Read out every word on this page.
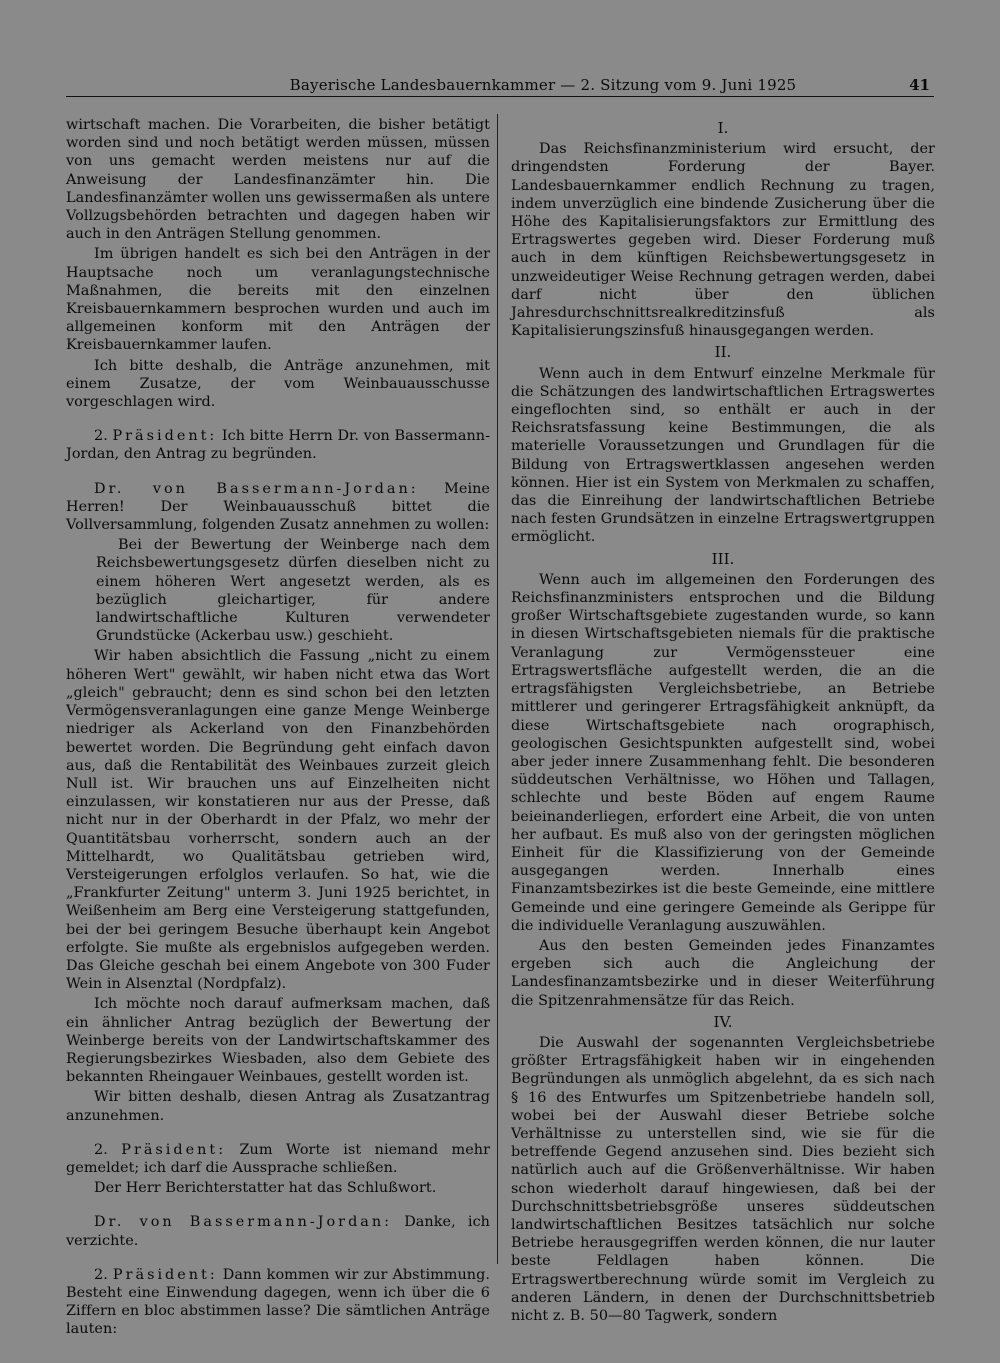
Bayerische Landesbauernkammer — 2. Sitzung vom 9. Juni 1925	41

wirtschaft machen. Die Vorarbeiten, die bisher betätigt worden sind und noch betätigt werden müssen, müssen von uns gemacht werden meistens nur auf die Anweisung der Landesfinanzämter hin. Die Landesfinanzämter wollen uns gewissermaßen als untere Vollzugsbehörden betrachten und dagegen haben wir auch in den Anträgen Stellung genommen.

Im übrigen handelt es sich bei den Anträgen in der Hauptsache noch um veranlagungstechnische Maßnahmen, die bereits mit den einzelnen Kreisbauernkammern besprochen wurden und auch im allgemeinen konform mit den Anträgen der Kreisbauernkammer laufen.

Ich bitte deshalb, die Anträge anzunehmen, mit einem Zusatze, der vom Weinbauausschusse vorgeschlagen wird.

2. Präsident: Ich bitte Herrn Dr. von Bassermann-Jordan, den Antrag zu begründen.

Dr. von Bassermann-Jordan: Meine Herren! Der Weinbauausschuß bittet die Vollversammlung, folgenden Zusatz annehmen zu wollen:

Bei der Bewertung der Weinberge nach dem Reichsbewertungsgesetz dürfen dieselben nicht zu einem höheren Wert angesetzt werden, als es bezüglich gleichartiger, für andere landwirtschaftliche Kulturen verwendeter Grundstücke (Ackerbau usw.) geschieht.

Wir haben absichtlich die Fassung „nicht zu einem höheren Wert" gewählt, wir haben nicht etwa das Wort „gleich" gebraucht; denn es sind schon bei den letzten Vermögensveranlagungen eine ganze Menge Weinberge niedriger als Ackerland von den Finanzbehörden bewertet worden. Die Begründung geht einfach davon aus, daß die Rentabilität des Weinbaues zurzeit gleich Null ist. Wir brauchen uns auf Einzelheiten nicht einzulassen, wir konstatieren nur aus der Presse, daß nicht nur in der Oberhardt in der Pfalz, wo mehr der Quantitätsbau vorherrscht, sondern auch an der Mittelhardt, wo Qualitätsbau getrieben wird, Versteigerungen erfolglos verlaufen. So hat, wie die „Frankfurter Zeitung" unterm 3. Juni 1925 berichtet, in Weißenheim am Berg eine Versteigerung stattgefunden, bei der bei geringem Besuche überhaupt kein Angebot erfolgte. Sie mußte als ergebnislos aufgegeben werden. Das Gleiche geschah bei einem Angebote von 300 Fuder Wein in Alsenztal (Nordpfalz).

Ich möchte noch darauf aufmerksam machen, daß ein ähnlicher Antrag bezüglich der Bewertung der Weinberge bereits von der Landwirtschaftskammer des Regierungsbezirkes Wiesbaden, also dem Gebiete des bekannten Rheingauer Weinbaues, gestellt worden ist.

Wir bitten deshalb, diesen Antrag als Zusatzantrag anzunehmen.

2. Präsident: Zum Worte ist niemand mehr gemeldet; ich darf die Aussprache schließen.

Der Herr Berichterstatter hat das Schlußwort.

Dr. von Bassermann-Jordan: Danke, ich verzichte.

2. Präsident: Dann kommen wir zur Abstimmung. Besteht eine Einwendung dagegen, wenn ich über die 6 Ziffern en bloc abstimmen lasse? Die sämtlichen Anträge lauten:

I.

Das Reichsfinanzministerium wird ersucht, der dringendsten Forderung der Bayer. Landesbauernkammer endlich Rechnung zu tragen, indem unverzüglich eine bindende Zusicherung über die Höhe des Kapitalisierungsfaktors zur Ermittlung des Ertragswertes gegeben wird. Dieser Forderung muß auch in dem künftigen Reichsbewertungsgesetz in unzweideutiger Weise Rechnung getragen werden, dabei darf nicht über den üblichen Jahresdurchschnittsrealkreditzinsfuß als Kapitalisierungszinsfuß hinausgegangen werden.

II.

Wenn auch in dem Entwurf einzelne Merkmale für die Schätzungen des landwirtschaftlichen Ertragswertes eingeflochten sind, so enthält er auch in der Reichsratsfassung keine Bestimmungen, die als materielle Voraussetzungen und Grundlagen für die Bildung von Ertragswertklassen angesehen werden können. Hier ist ein System von Merkmalen zu schaffen, das die Einreihung der landwirtschaftlichen Betriebe nach festen Grundsätzen in einzelne Ertragswertgruppen ermöglicht.

III.

Wenn auch im allgemeinen den Forderungen des Reichsfinanzministers entsprochen und die Bildung großer Wirtschaftsgebiete zugestanden wurde, so kann in diesen Wirtschaftsgebieten niemals für die praktische Veranlagung zur Vermögenssteuer eine Ertragswertsfläche aufgestellt werden, die an die ertragsfähigsten Vergleichsbetriebe, an Betriebe mittlerer und geringerer Ertragsfähigkeit anknüpft, da diese Wirtschaftsgebiete nach orographisch, geologischen Gesichtspunkten aufgestellt sind, wobei aber jeder innere Zusammenhang fehlt. Die besonderen süddeutschen Verhältnisse, wo Höhen und Tallagen, schlechte und beste Böden auf engem Raume beieinanderliegen, erfordert eine Arbeit, die von unten her aufbaut. Es muß also von der geringsten möglichen Einheit für die Klassifizierung von der Gemeinde ausgegangen werden. Innerhalb eines Finanzamtsbezirkes ist die beste Gemeinde, eine mittlere Gemeinde und eine geringere Gemeinde als Gerippe für die individuelle Veranlagung auszuwählen.

Aus den besten Gemeinden jedes Finanzamtes ergeben sich auch die Angleichung der Landesfinanzamtsbezirke und in dieser Weiterführung die Spitzenrahmensätze für das Reich.

IV.

Die Auswahl der sogenannten Vergleichsbetriebe größter Ertragsfähigkeit haben wir in eingehenden Begründungen als unmöglich abgelehnt, da es sich nach § 16 des Entwurfes um Spitzenbetriebe handeln soll, wobei bei der Auswahl dieser Betriebe solche Verhältnisse zu unterstellen sind, wie sie für die betreffende Gegend anzusehen sind. Dies bezieht sich natürlich auch auf die Größenverhältnisse. Wir haben schon wiederholt darauf hingewiesen, daß bei der Durchschnittsbetriebsgröße unseres süddeutschen landwirtschaftlichen Besitzes tatsächlich nur solche Betriebe herausgegriffen werden können, die nur lauter beste Feldlagen haben können. Die Ertragswertberechnung würde somit im Vergleich zu anderen Ländern, in denen der Durchschnittsbetrieb nicht z. B. 50—80 Tagwerk, sondern
